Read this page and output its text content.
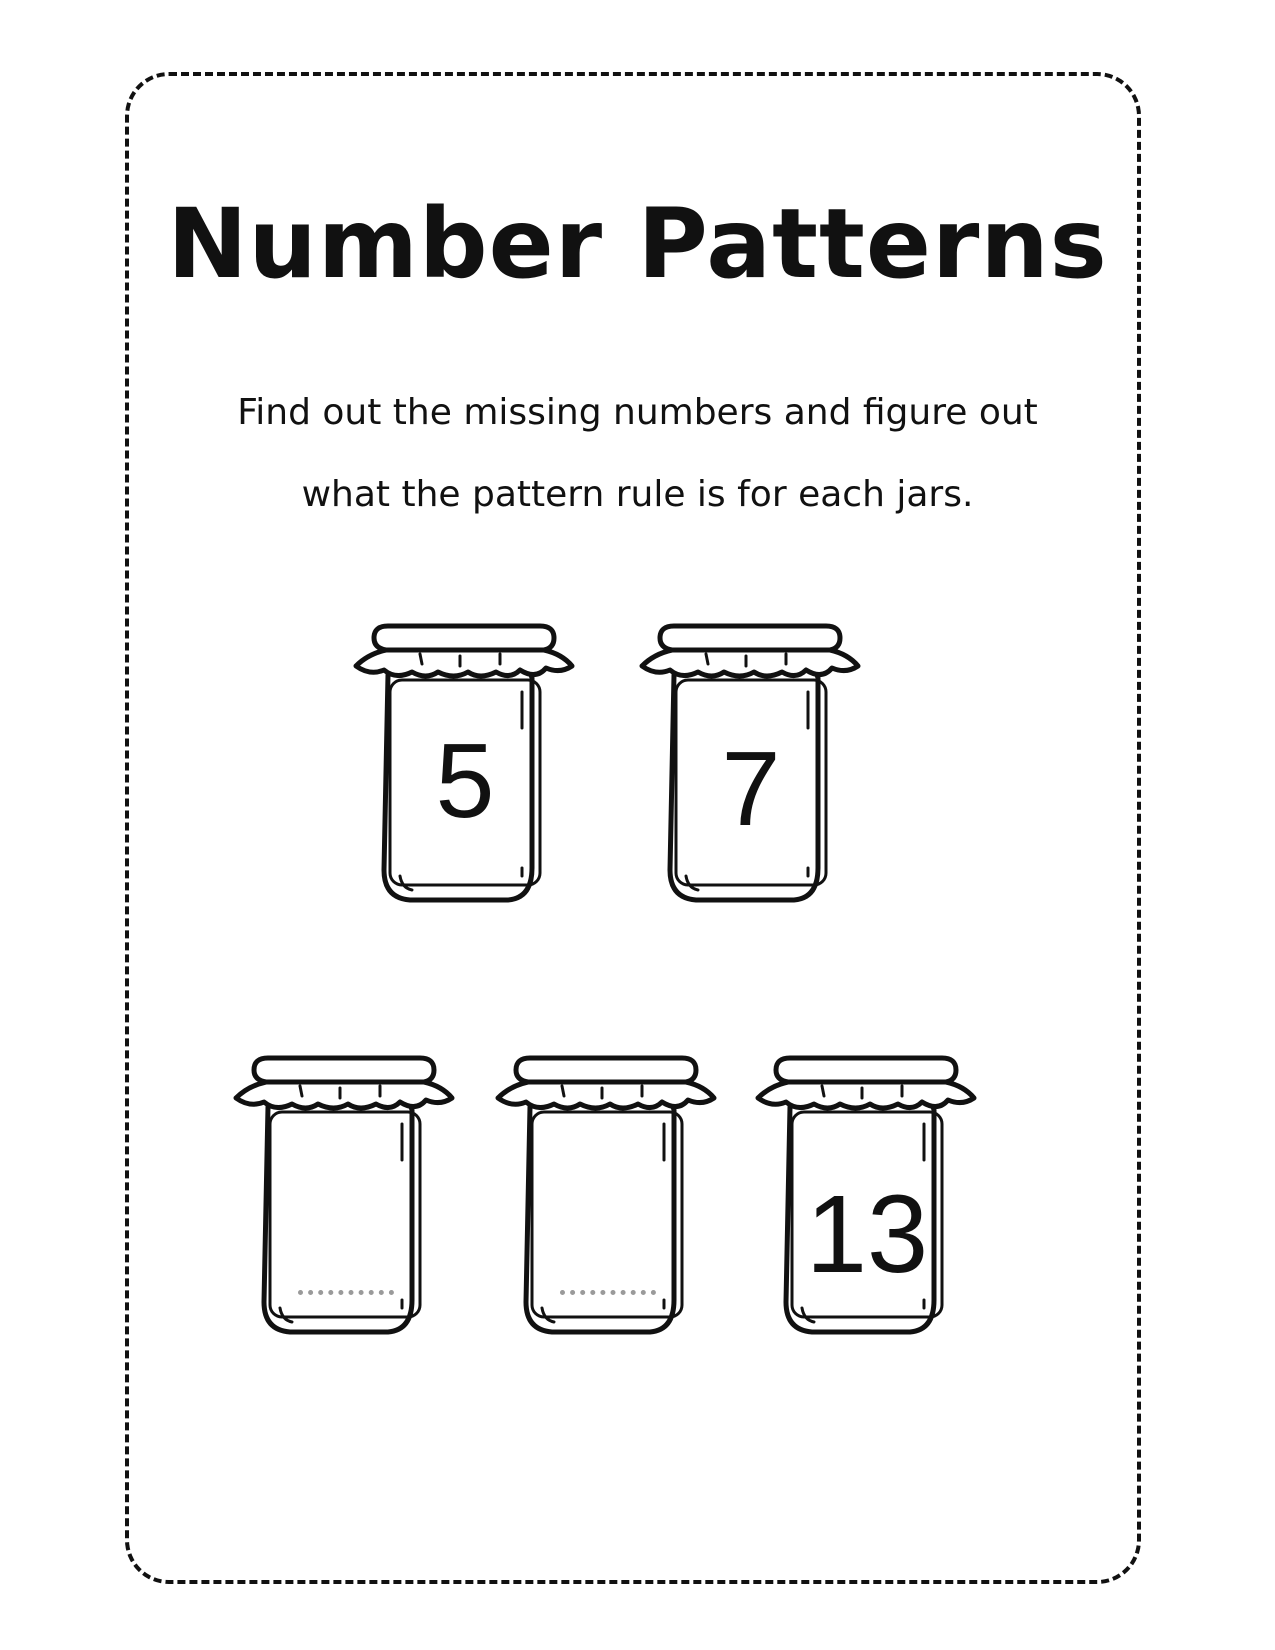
Number Patterns
Find out the missing numbers and figure out
what the pattern rule is for each jars.
5	7
13
